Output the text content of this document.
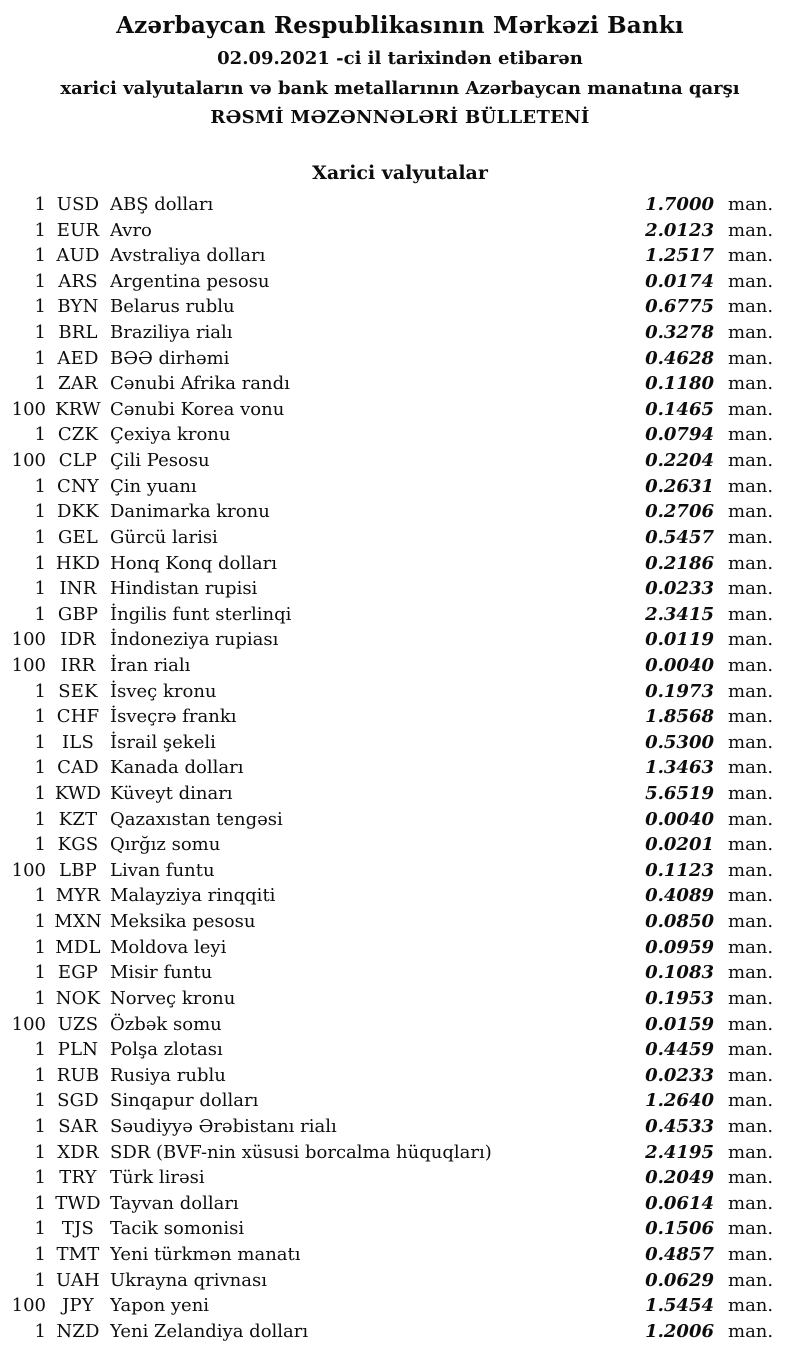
Azərbaycan Respublikasının Mərkəzi Bankı
02.09.2021 -ci il tarixindən etibarən
xarici valyutaların və bank metallarının Azərbaycan manatına qarşı
RƏSMİ MƏZƏNNƏLƏRİ BÜLLETENİ
Xarici valyutalar
1 USD ABŞ dolları	1.7000 man.
1 EUR Avro	2.0123 man.
1 AUD Avstraliya dolları	1.2517 man.
1 ARS Argentina pesosu	0.0174 man.
1 BYN Belarus rublu	0.6775 man.
1 BRL Braziliya rialı	0.3278 man.
1 AED BƏƏ dirhəmi	0.4628 man.
1 ZAR Cənubi Afrika randı	0.1180 man.
100 KRW Cənubi Korea vonu	0.1465 man.
1 CZK Çexiya kronu	0.0794 man.
100 CLP Çili Pesosu	0.2204 man.
1 CNY Çin yuanı	0.2631 man.
1 DKK Danimarka kronu	0.2706 man.
1 GEL Gürcü larisi	0.5457 man.
1 HKD Honq Konq dolları	0.2186 man.
1 INR Hindistan rupisi	0.0233 man.
1 GBP İngilis funt sterlinqi	2.3415 man.
100 IDR İndoneziya rupiası	0.0119 man.
100 IRR İran rialı	0.0040 man.
1 SEK İsveç kronu	0.1973 man.
1 CHF İsveçrə frankı	1.8568 man.
1 ILS İsrail şekeli	0.5300 man.
1 CAD Kanada dolları	1.3463 man.
1 KWD Küveyt dinarı	5.6519 man.
1 KZT Qazaxıstan tengəsi	0.0040 man.
1 KGS Qırğız somu	0.0201 man.
100 LBP Livan funtu	0.1123 man.
1 MYR Malayziya rinqqiti	0.4089 man.
1 MXN Meksika pesosu	0.0850 man.
1 MDL Moldova leyi	0.0959 man.
1 EGP Misir funtu	0.1083 man.
1 NOK Norveç kronu	0.1953 man.
100 UZS Özbək somu	0.0159 man.
1 PLN Polşa zlotası	0.4459 man.
1 RUB Rusiya rublu	0.0233 man.
1 SGD Sinqapur dolları	1.2640 man.
1 SAR Səudiyyə Ərəbistanı rialı	0.4533 man.
1 XDR SDR (BVF-nin xüsusi borcalma hüquqları)	2.4195 man.
1 TRY Türk lirəsi	0.2049 man.
1 TWD Tayvan dolları	0.0614 man.
1 TJS Tacik somonisi	0.1506 man.
1 TMT Yeni türkmən manatı	0.4857 man.
1 UAH Ukrayna qrivnası	0.0629 man.
100 JPY Yapon yeni	1.5454 man.
1 NZD Yeni Zelandiya dolları	1.2006 man.
